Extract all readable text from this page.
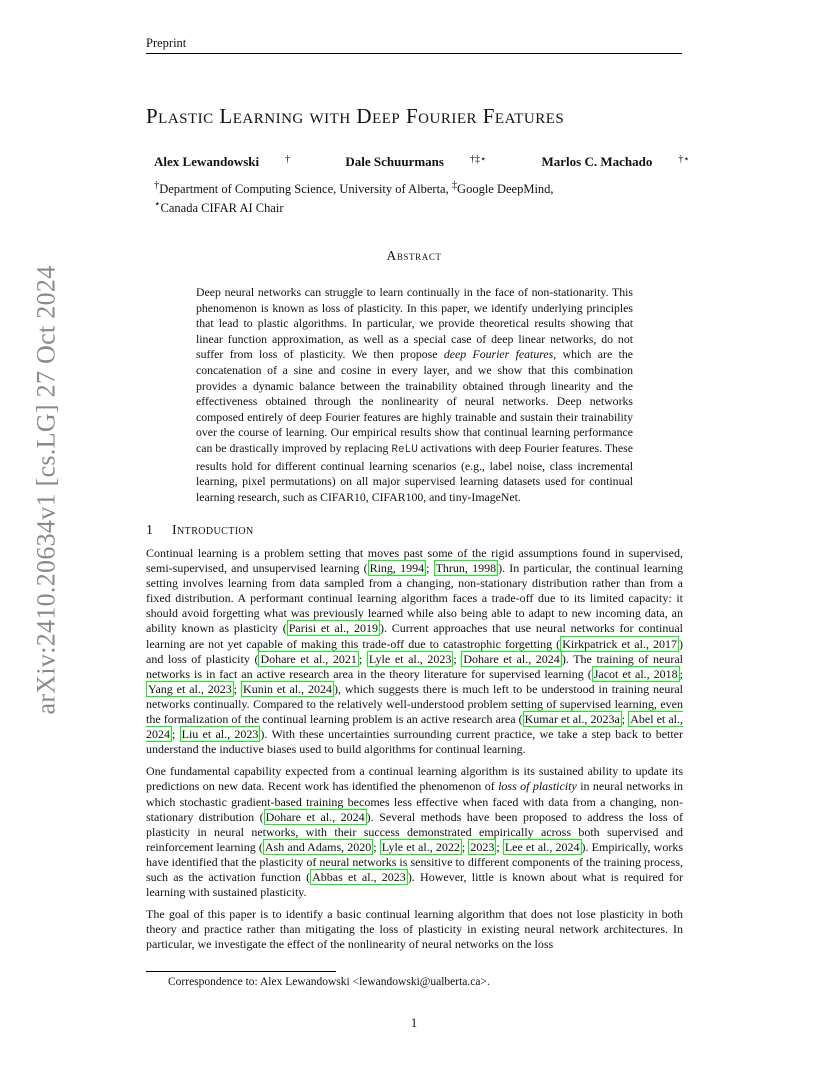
Preprint
arXiv:2410.20634v1 [cs.LG] 27 Oct 2024
Plastic Learning with Deep Fourier Features
Alex Lewandowski	†	Dale Schuurmans	†‡⋆	Marlos C. Machado	†⋆
†Department of Computing Science, University of Alberta, ‡Google DeepMind,
⋆Canada CIFAR AI Chair
Abstract
Deep neural networks can struggle to learn continually in the face of non-stationarity. This phenomenon is known as loss of plasticity. In this paper, we identify underlying principles that lead to plastic algorithms. In particular, we provide theoretical results showing that linear function approximation, as well as a special case of deep linear networks, do not suffer from loss of plasticity. We then propose deep Fourier features, which are the concatenation of a sine and cosine in every layer, and we show that this combination provides a dynamic balance between the trainability obtained through linearity and the effectiveness obtained through the nonlinearity of neural networks. Deep networks composed entirely of deep Fourier features are highly trainable and sustain their trainability over the course of learning. Our empirical results show that continual learning performance can be drastically improved by replacing ReLU activations with deep Fourier features. These results hold for different continual learning scenarios (e.g., label noise, class incremental learning, pixel permutations) on all major supervised learning datasets used for continual learning research, such as CIFAR10, CIFAR100, and tiny-ImageNet.
1 Introduction

Continual learning is a problem setting that moves past some of the rigid assumptions found in supervised, semi-supervised, and unsupervised learning ( Ring, 1994 ; Thrun, 1998 ). In particular, the continual learning setting involves learning from data sampled from a changing, non-stationary distribution rather than from a fixed distribution. A performant continual learning algorithm faces a trade-off due to its limited capacity: it should avoid forgetting what was previously learned while also being able to adapt to new incoming data, an ability known as plasticity ( Parisi et al., 2019 ). Current approaches that use neural networks for continual learning are not yet capable of making this trade-off due to catastrophic forgetting ( Kirkpatrick et al., 2017 ) and loss of plasticity ( Dohare et al., 2021 ; Lyle et al., 2023 ; Dohare et al., 2024 ). The training of neural networks is in fact an active research area in the theory literature for supervised learning ( Jacot et al., 2018 ; Yang et al., 2023 ; Kunin et al., 2024 ), which suggests there is much left to be understood in training neural networks continually. Compared to the relatively well-understood problem setting of supervised learning, even the formalization of the continual learning problem is an active research area ( Kumar et al., 2023a ; Abel et al., 2024 ; Liu et al., 2023 ). With these uncertainties surrounding current practice, we take a step back to better understand the inductive biases used to build algorithms for continual learning.

One fundamental capability expected from a continual learning algorithm is its sustained ability to update its predictions on new data. Recent work has identified the phenomenon of loss of plasticity in neural networks in which stochastic gradient-based training becomes less effective when faced with data from a changing, non-stationary distribution ( Dohare et al., 2024 ). Several methods have been proposed to address the loss of plasticity in neural networks, with their success demonstrated empirically across both supervised and reinforcement learning ( Ash and Adams, 2020 ; Lyle et al., 2022 ; 2023 ; Lee et al., 2024 ). Empirically, works have identified that the plasticity of neural networks is sensitive to different components of the training process, such as the activation function ( Abbas et al., 2023 ). However, little is known about what is required for learning with sustained plasticity.

The goal of this paper is to identify a basic continual learning algorithm that does not lose plasticity in both theory and practice rather than mitigating the loss of plasticity in existing neural network architectures. In particular, we investigate the effect of the nonlinearity of neural networks on the loss

Correspondence to: Alex Lewandowski <lewandowski@ualberta.ca>.
1
